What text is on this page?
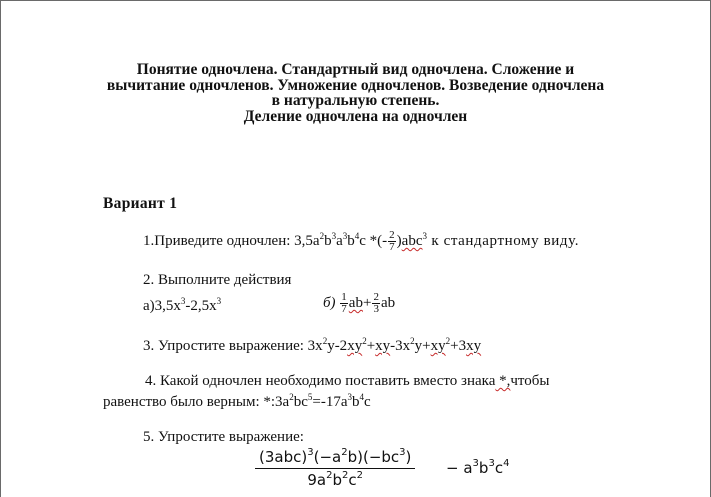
Понятие одночлена. Стандартный вид одночлена. Сложение и
вычитание одночленов. Умножение одночленов. Возведение одночлена
в натуральную степень.
Деление одночлена на одночлен
Вариант 1
1.Приведите одночлен: $3,5а^2b^3a^3b^4c$ *(- $\frac{2}{7} )abc^3$ к стандартному виду.
2. Выполните действия
$а)3,5x^3-2,5x^3$	$б) \frac{1}{7} ab+ \frac{2}{3}$ ab
3. Упростите выражение: $3x^2y-2xy^2+xy-3x^2y+xy^2+3xy$
4. Какой одночлен необходимо поставить вместо знака *,чтобы
равенство было верным: $*:3a^2bc^5=-17a^3b^4c$
5. Упростите выражение:
$(3abc)^3(-a^2b)(-bc^3)$
$9a^2b^2c^2$	− $a^3b^3c^4$
